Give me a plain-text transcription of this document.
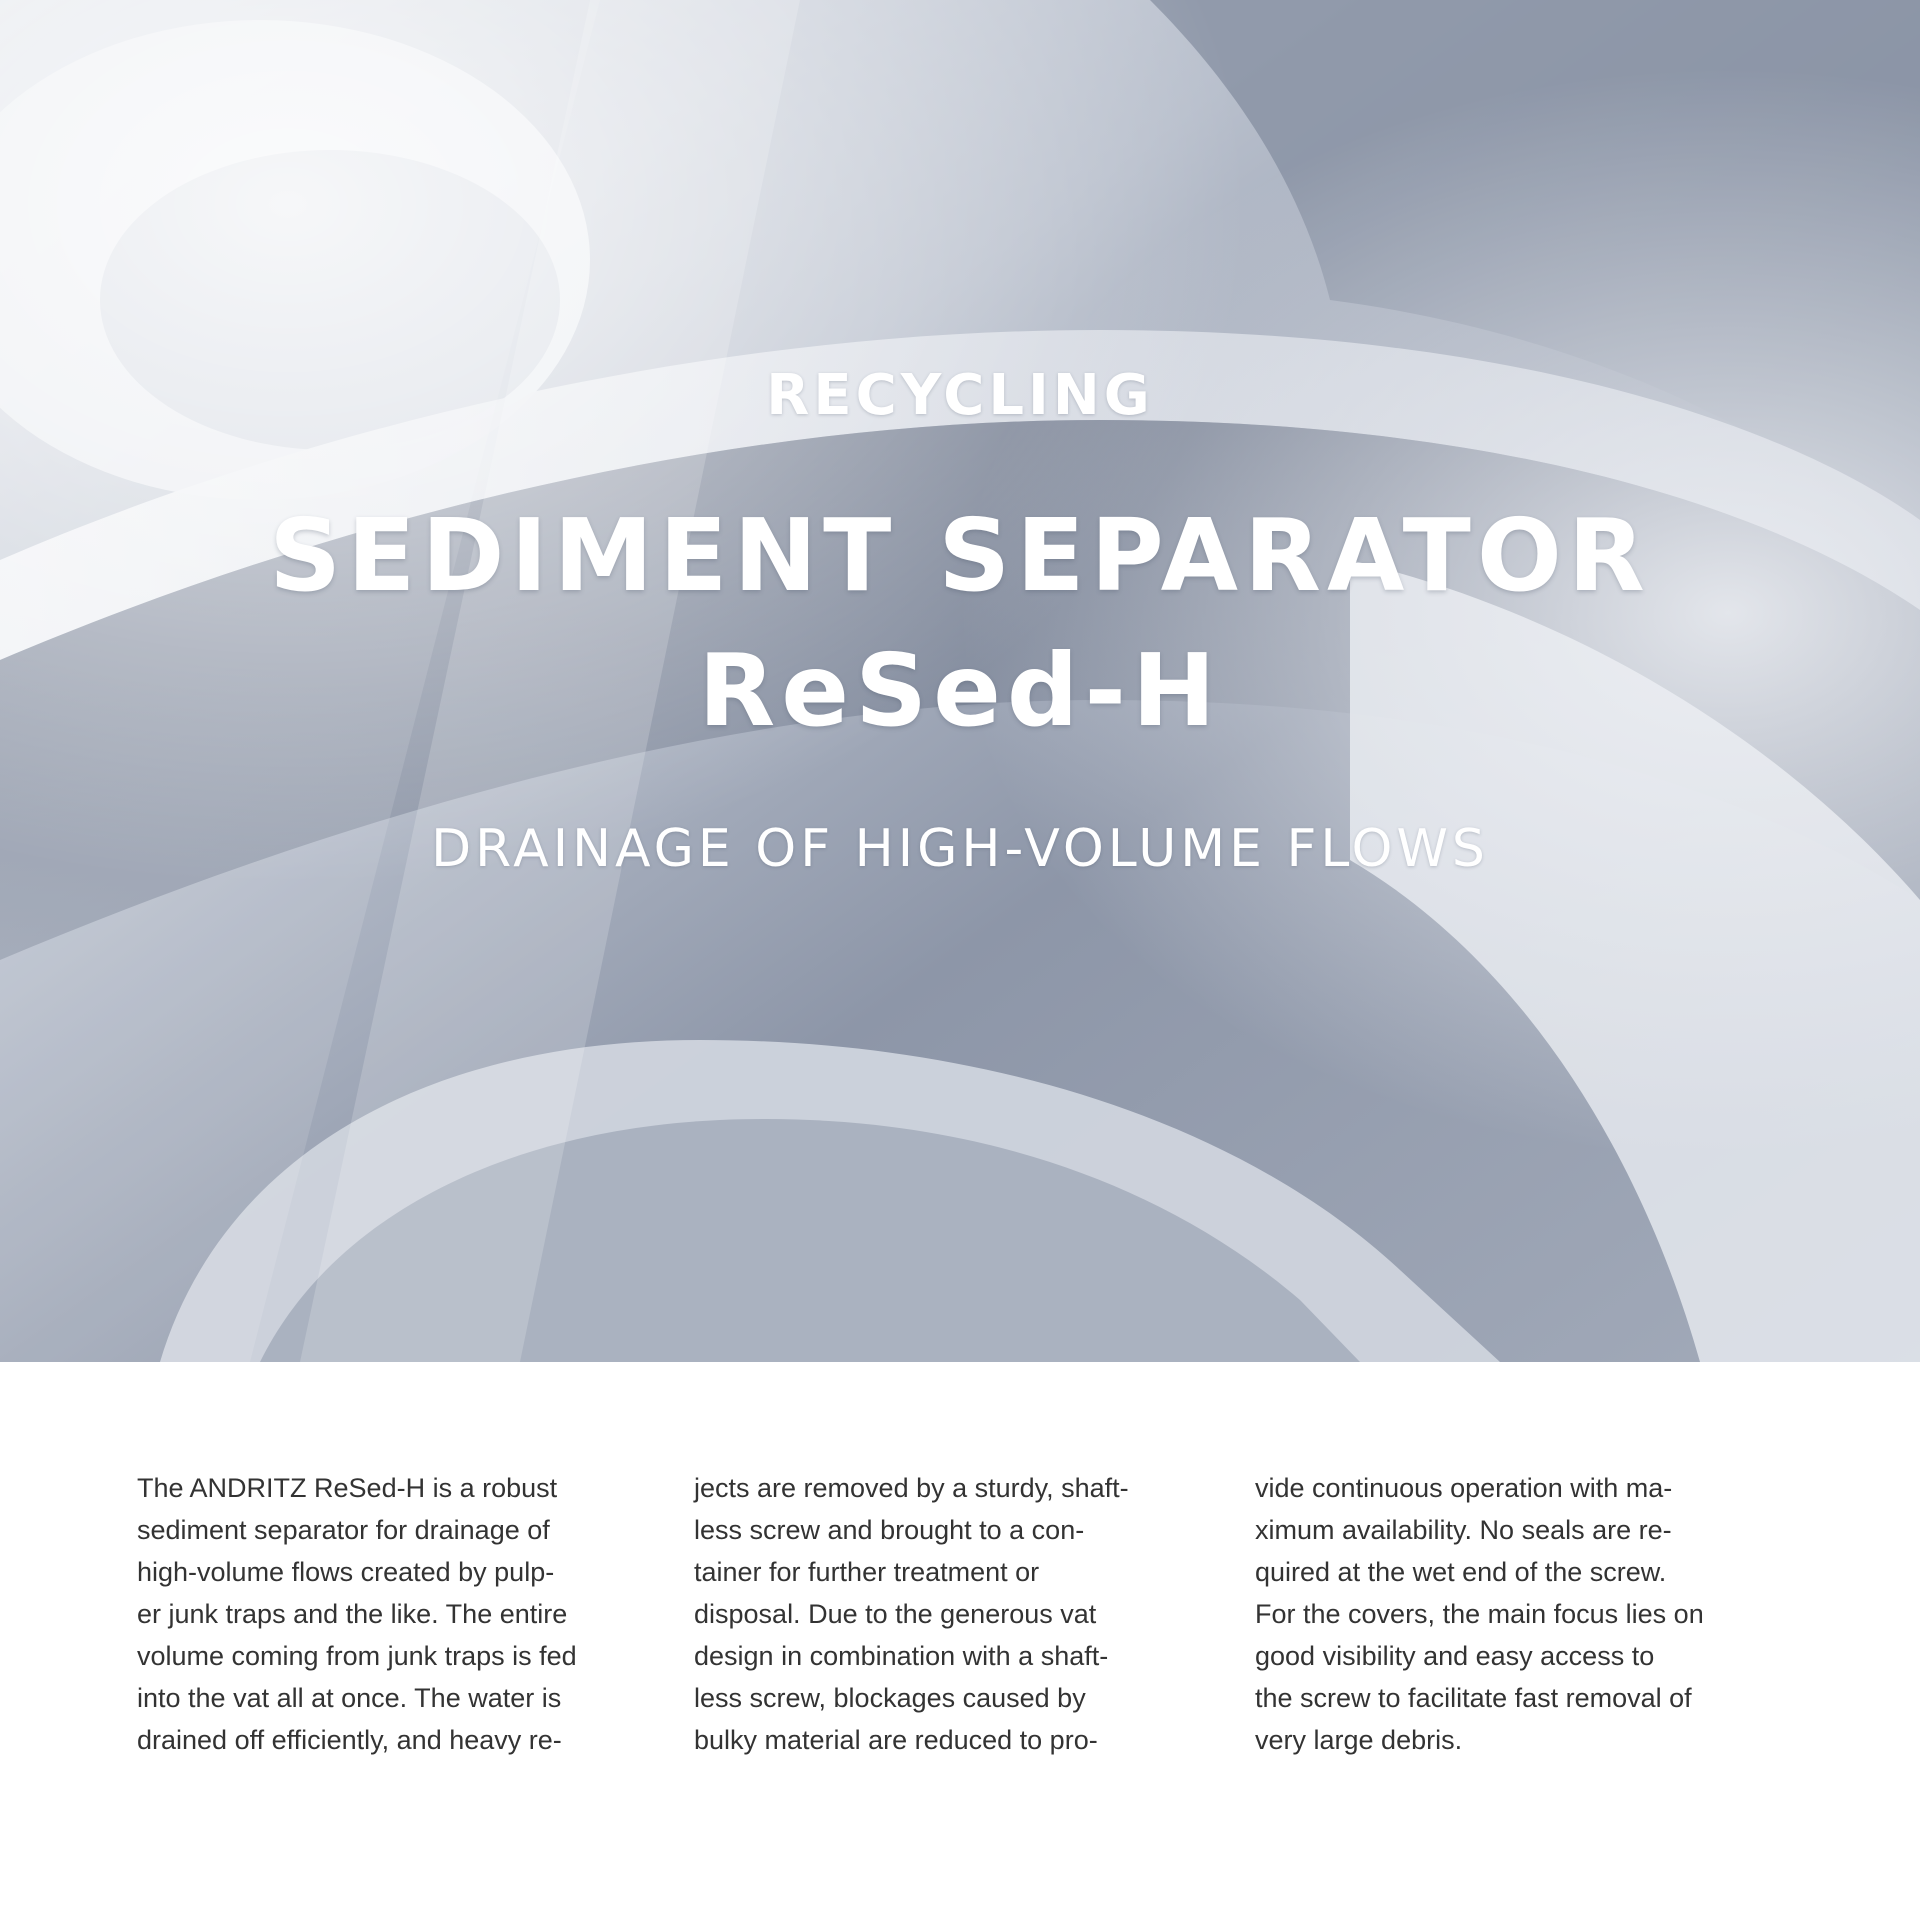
RECYCLING
SEDIMENT SEPARATOR
ReSed-H
DRAINAGE OF HIGH-VOLUME FLOWS
The ANDRITZ ReSed-H is a robust
sediment separator for drainage of
high-volume flows created by pulp-
er junk traps and the like. The entire
volume coming from junk traps is fed
into the vat all at once. The water is
drained off efficiently, and heavy re-
jects are removed by a sturdy, shaft-
less screw and brought to a con-
tainer for further treatment or
disposal. Due to the generous vat
design in combination with a shaft-
less screw, blockages caused by
bulky material are reduced to pro-
vide continuous operation with ma-
ximum availability. No seals are re-
quired at the wet end of the screw.
For the covers, the main focus lies on
good visibility and easy access to
the screw to facilitate fast removal of
very large debris.
